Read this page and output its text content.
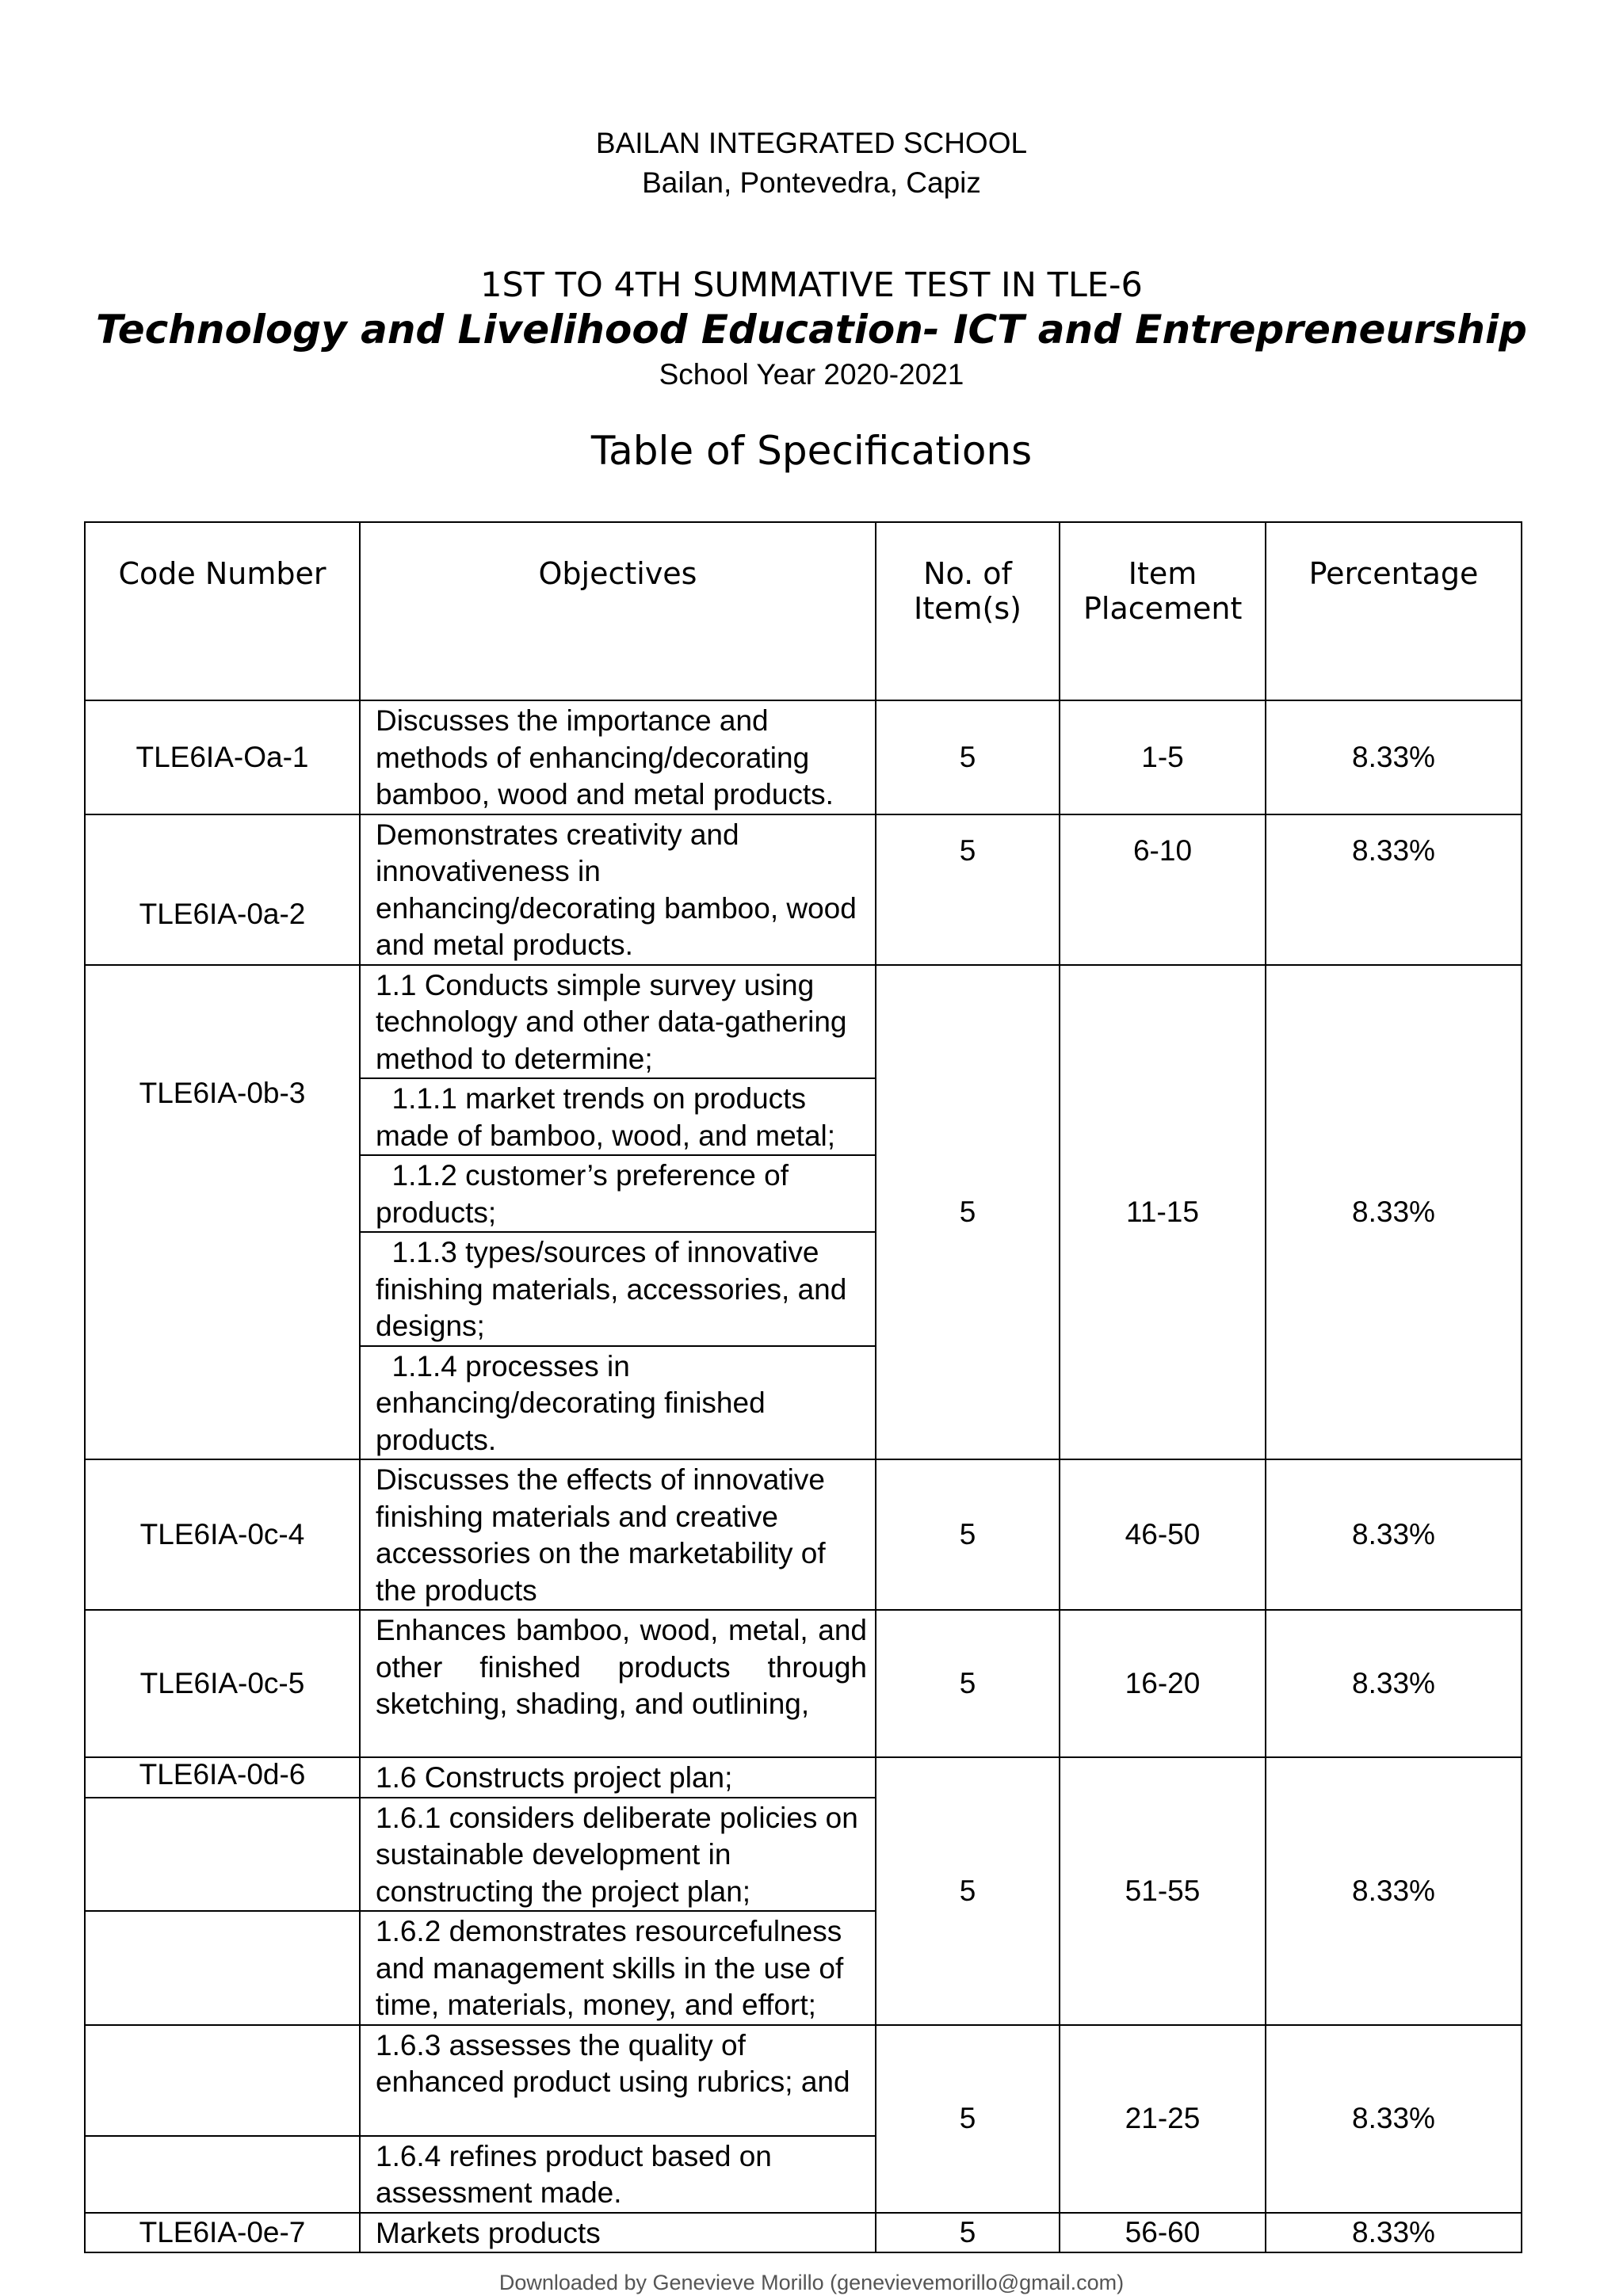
BAILAN INTEGRATED SCHOOL
Bailan, Pontevedra, Capiz
1ST TO 4TH SUMMATIVE TEST IN TLE-6
Technology and Livelihood Education- ICT and Entrepreneurship
School Year 2020-2021
Table of Specifications
Code Number	Objectives	No. of Item(s)	Item Placement	Percentage
TLE6IA-Oa-1	Discusses the importance and methods of enhancing/decorating bamboo, wood and metal products.	5	1-5	8.33%
TLE6IA-0a-2	Demonstrates creativity and innovativeness in enhancing/decorating bamboo, wood and metal products.	5	6-10	8.33%
TLE6IA-0b-3	1.1 Conducts simple survey using technology and other data-gathering method to determine;	5	11-15	8.33%
	1.1.1 market trends on products made of bamboo, wood, and metal;			
	1.1.2 customer’s preference of products;			
	1.1.3 types/sources of innovative finishing materials, accessories, and designs;			
	1.1.4 processes in enhancing/decorating finished products.			
TLE6IA-0c-4	Discusses the effects of innovative finishing materials and creative accessories on the marketability of the products	5	46-50	8.33%
TLE6IA-0c-5	Enhances bamboo, wood, metal, and other finished products through sketching, shading, and outlining,	5	16-20	8.33%
TLE6IA-0d-6	1.6 Constructs project plan;	5	51-55	8.33%
	1.6.1 considers deliberate policies on sustainable development in constructing the project plan;			
	1.6.2 demonstrates resourcefulness and management skills in the use of time, materials, money, and effort;			
	1.6.3 assesses the quality of enhanced product using rubrics; and	5	21-25	8.33%
	1.6.4 refines product based on assessment made.			
TLE6IA-0e-7	Markets products	5	56-60	8.33%
Downloaded by Genevieve Morillo (genevievemorillo@gmail.com)
